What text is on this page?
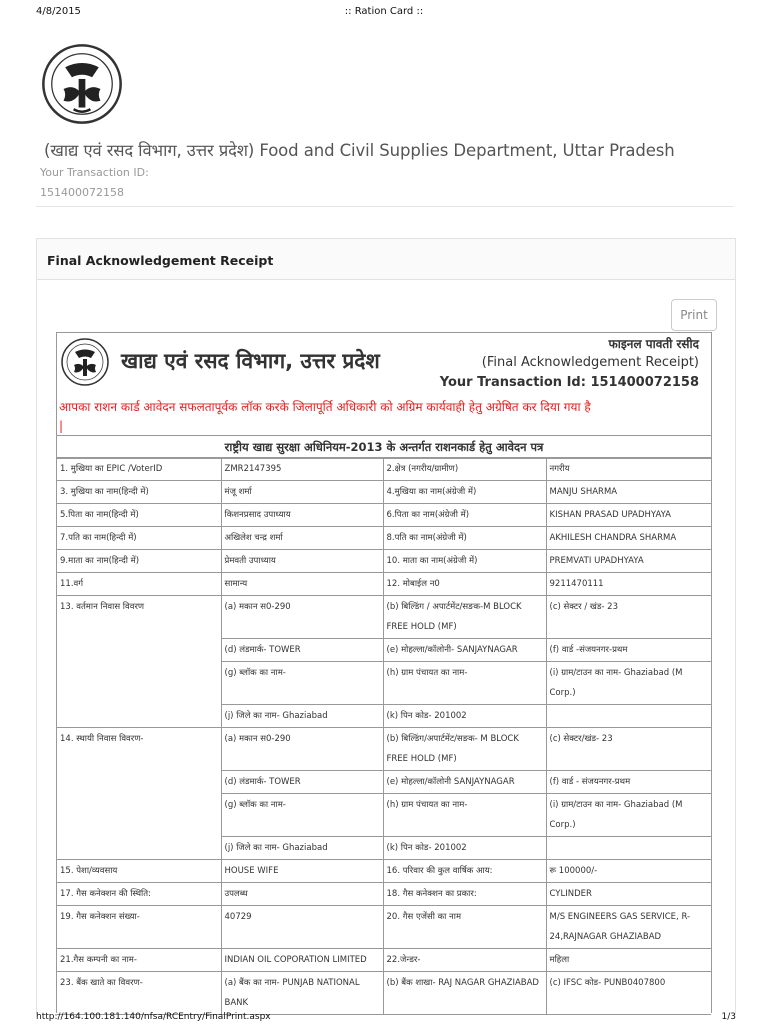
4/8/2015	:: Ration Card ::
(खाद्य एवं रसद विभाग, उत्तर प्रदेश) Food and Civil Supplies Department, Uttar Pradesh
Your Transaction ID:
151400072158
Final Acknowledgement Receipt
Print
खाद्य एवं रसद विभाग, उत्तर प्रदेश
फाइनल पावती रसीद
(Final Acknowledgement Receipt)
Your Transaction Id: 151400072158
आपका राशन कार्ड आवेदन सफलतापूर्वक लॉक करके जिलापूर्ति अधिकारी को अग्रिम कार्यवाही हेतु अग्रेषित कर दिया गया है
|
राष्ट्रीय खाद्य सुरक्षा अधिनियम-2013 के अन्तर्गत राशनकार्ड हेतु आवेदन पत्र
1. मुखिया का EPIC /VoterID	ZMR2147395	2.क्षेत्र (नगरीय/ग्रामीण)	नगरीय
3. मुखिया का नाम(हिन्दी में)	मंजू शर्मा	4.मुखिया का नाम(अंग्रेजी में)	MANJU SHARMA
5.पिता का नाम(हिन्दी में)	किशनप्रसाद उपाध्याय	6.पिता का नाम(अंग्रेजी में)	KISHAN PRASAD UPADHYAYA
7.पति का नाम(हिन्दी में)	अखिलेश चन्द्र शर्मा	8.पति का नाम(अंग्रेजी में)	AKHILESH CHANDRA SHARMA
9.माता का नाम(हिन्दी में)	प्रेमवती उपाध्याय	10. माता का नाम(अंग्रेजी में)	PREMVATI UPADHYAYA
11.वर्ग	सामान्य	12. मोबाईल न0	9211470111
13. वर्तमान निवास विवरण	(a) मकान स0-290	(b) बिल्डिंग / अपार्टमेंट/सङक-M BLOCK FREE HOLD (MF)	(c) सेक्टर / खंड- 23
	(d) लंडमार्क- TOWER	(e) मोहल्ला/कॉलोनी- SANJAYNAGAR	(f) वार्ड -संजयनगर-प्रथम
	(g) ब्लॉक का नाम-	(h) ग्राम पंचायत का नाम-	(i) ग्राम/टाउन का नाम- Ghaziabad (M Corp.)
	(j) जिले का नाम- Ghaziabad	(k) पिन कोड- 201002	
14. स्थायी निवास विवरण-	(a) मकान स0-290	(b) बिल्डिंग/अपार्टमेंट/सङक- M BLOCK FREE HOLD (MF)	(c) सेक्टर/खंड- 23
	(d) लंडमार्क- TOWER	(e) मोहल्ला/कॉलोनी SANJAYNAGAR	(f) वार्ड - संजयनगर-प्रथम
	(g) ब्लॉक का नाम-	(h) ग्राम पंचायत का नाम-	(i) ग्राम/टाउन का नाम- Ghaziabad (M Corp.)
	(j) जिले का नाम- Ghaziabad	(k) पिन कोड- 201002	
15. पेशा/व्यवसाय	HOUSE WIFE	16. परिवार की कुल वार्षिक आय:	रू 100000/-
17. गैस कनेक्शन की स्थिति:	उपलब्ध	18. गैस कनेक्शन का प्रकार:	CYLINDER
19. गैस कनेक्शन संख्या-	40729	20. गैस एजेंसी का नाम	M/S ENGINEERS GAS SERVICE, R-24,RAJNAGAR GHAZIABAD
21.गैस कम्पनी का नाम-	INDIAN OIL COPORATION LIMITED	22.जेन्डर-	महिला
23. बैंक खाते का विवरण-	(a) बैंक का नाम- PUNJAB NATIONAL BANK	(b) बैंक शाखा- RAJ NAGAR GHAZIABAD	(c) IFSC कोड- PUNB0407800
http://164.100.181.140/nfsa/RCEntry/FinalPrint.aspx	1/3
